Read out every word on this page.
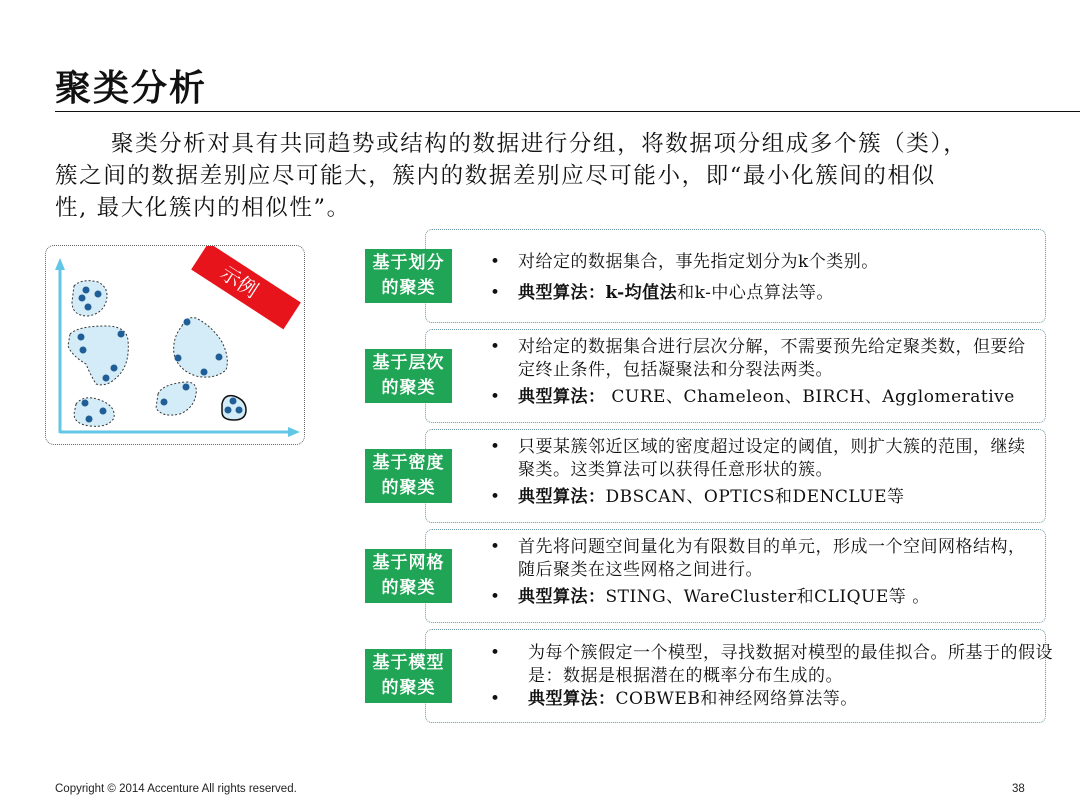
聚类分析

聚类分析对具有共同趋势或结构的数据进行分组，将数据项分组成多个簇（类），

簇之间的数据差别应尽可能大，簇内的数据差别应尽可能小，即“最小化簇间的相似

性, 最大化簇内的相似性”。

示例	基于划分
的聚类
• 对给定的数据集合，事先指定划分为k个类别。
• 典型算法：k-均值法和k-中心点算法等。
基于层次
的聚类
• 对给定的数据集合进行层次分解，不需要预先给定聚类数，但要给定终止条件，包括凝聚法和分裂法两类。
• 典型算法： CURE、Chameleon、BIRCH、Agglomerative
基于密度
的聚类
• 只要某簇邻近区域的密度超过设定的阈值，则扩大簇的范围，继续聚类。这类算法可以获得任意形状的簇。
• 典型算法：DBSCAN、OPTICS和DENCLUE等
基于网格
的聚类
• 首先将问题空间量化为有限数目的单元，形成一个空间网格结构，随后聚类在这些网格之间进行。
• 典型算法：STING、WareCluster和CLIQUE等 。
基于模型
的聚类
• 为每个簇假定一个模型，寻找数据对模型的最佳拟合。所基于的假设是：数据是根据潜在的概率分布生成的。
• 典型算法：COBWEB和神经网络算法等。
Copyright © 2014 Accenture All rights reserved.	38
